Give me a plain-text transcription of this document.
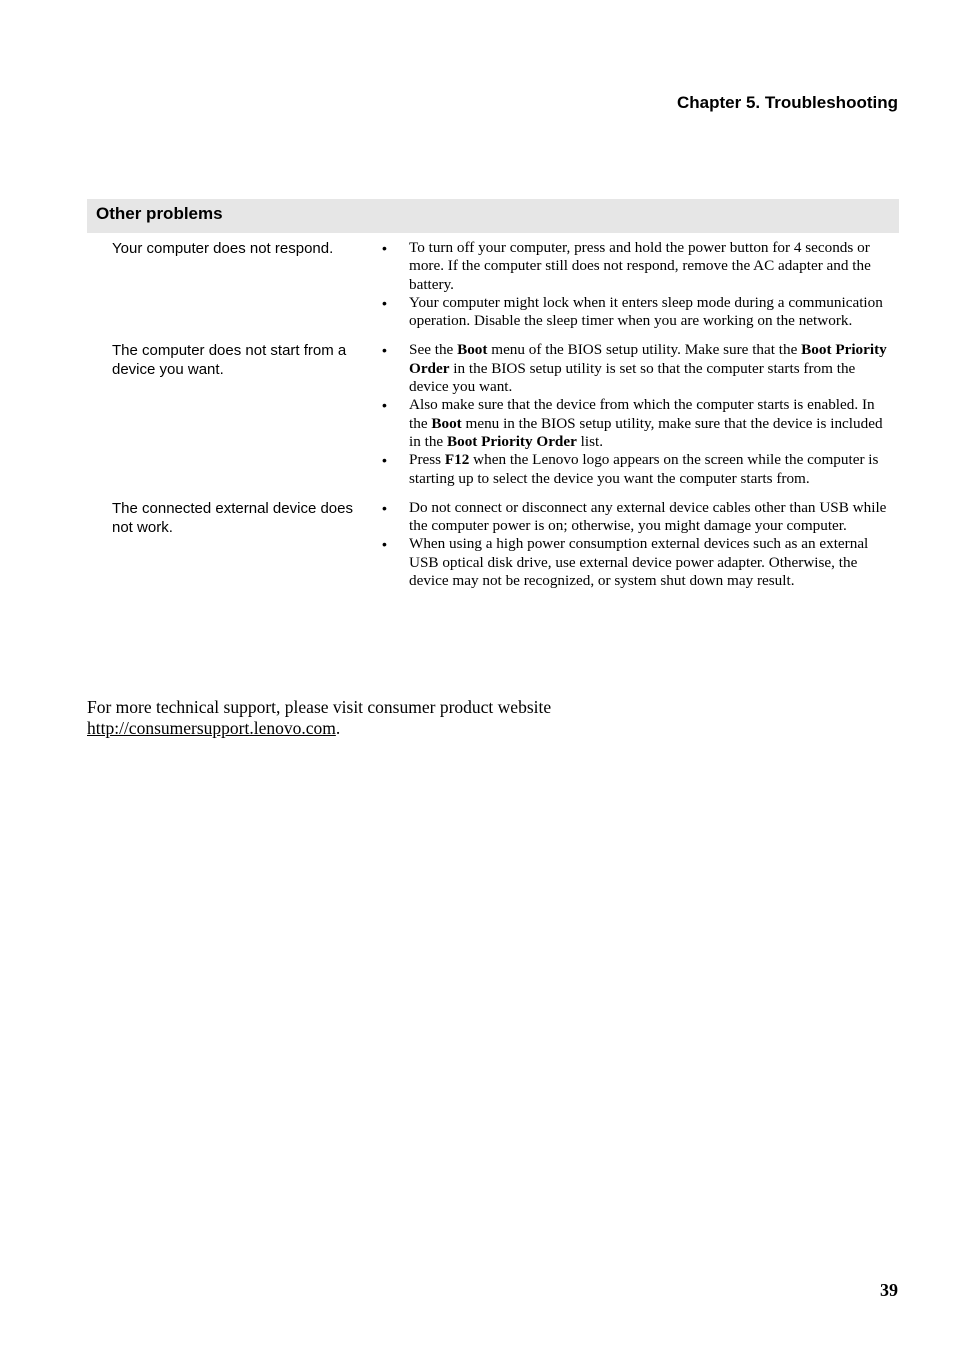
Chapter 5. Troubleshooting
Other problems
Your computer does not respond.
•	To turn off your computer, press and hold the power button for 4 seconds or more. If the computer still does not respond, remove the AC adapter and the battery.
• Your computer might lock when it enters sleep mode during a communication operation. Disable the sleep timer when you are working on the network.
The computer does not start from a device you want.
• See the Boot menu of the BIOS setup utility. Make sure that the Boot Priority Order in the BIOS setup utility is set so that the computer starts from the device you want.
• Also make sure that the device from which the computer starts is enabled. In the Boot menu in the BIOS setup utility, make sure that the device is included in the Boot Priority Order list.
• Press F12 when the Lenovo logo appears on the screen while the computer is starting up to select the device you want the computer starts from.
The connected external device does not work.
• Do not connect or disconnect any external device cables other than USB while the computer power is on; otherwise, you might damage your computer.
• When using a high power consumption external devices such as an external USB optical disk drive, use external device power adapter. Otherwise, the device may not be recognized, or system shut down may result.
For more technical support, please visit consumer product website
http://consumersupport.lenovo.com.
39
